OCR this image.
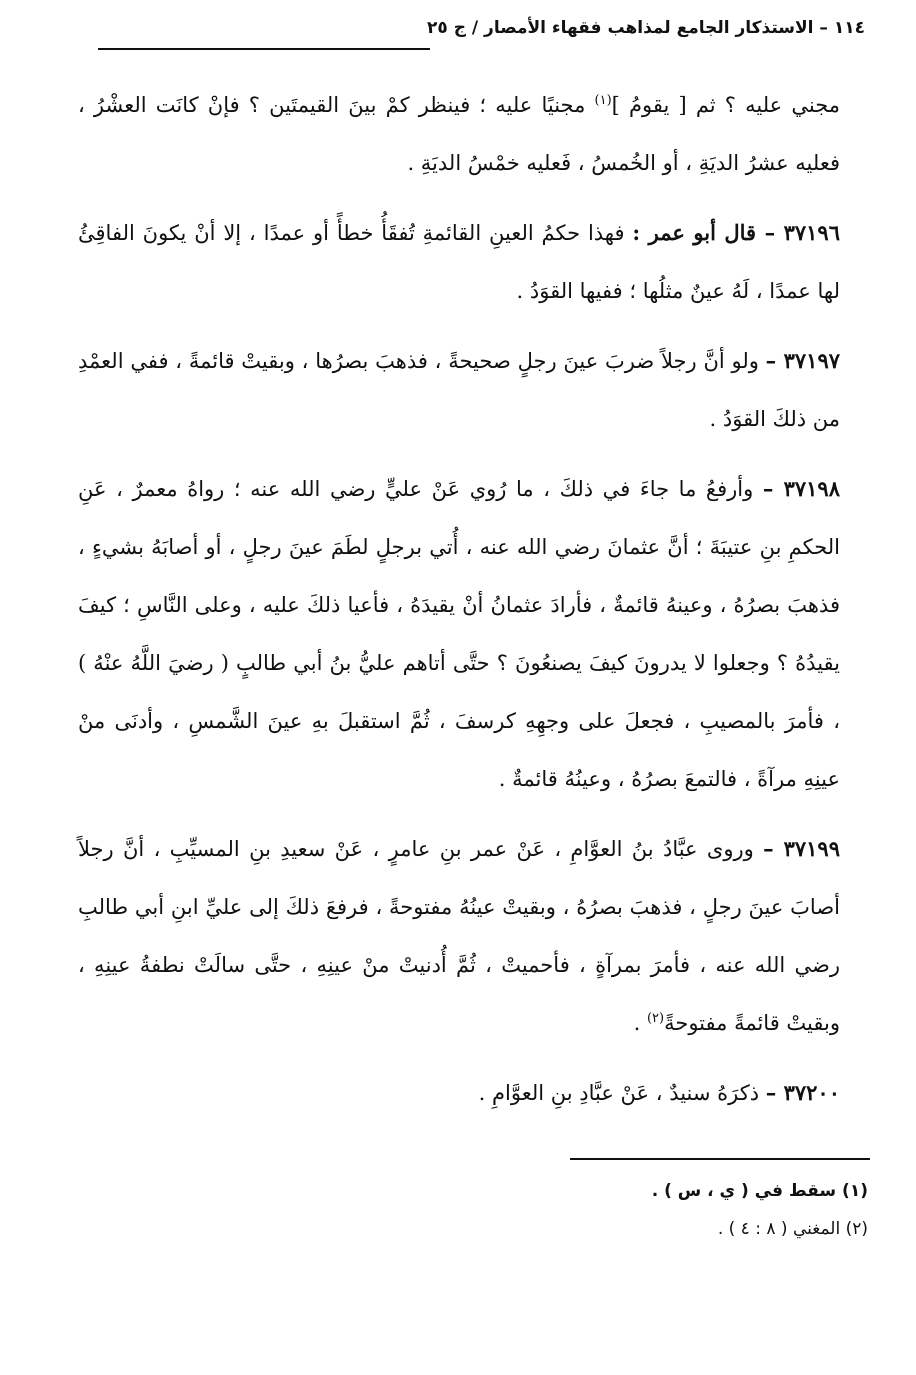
١١٤ – الاستذكار الجامع لمذاهب فقهاء الأمصار / ج ٢٥

مجني عليه ؟ ثم [ يقومُ ]$^{(١)}$ مجنيًا عليه ؛ فينظر كمْ بينَ القيمتَين ؟ فإنْ كانَت العشْرُ ، فعليه عشرُ الديَةِ ، أو الخُمسُ ، فَعليه خمْسُ الديَةِ .

٣٧١٩٦ – قال أبو عمر : فهذا حكمُ العينِ القائمةِ تُفقَأُ خطأً أو عمدًا ، إلا أنْ يكونَ الفاقِئُ لها عمدًا ، لَهُ عينٌ مثلُها ؛ ففيها القوَدُ .

٣٧١٩٧ – ولو أنَّ رجلاً ضربَ عينَ رجلٍ صحيحةً ، فذهبَ بصرُها ، وبقيتْ قائمةً ، ففي العمْدِ من ذلكَ القوَدُ .

٣٧١٩٨ – وأرفعُ ما جاءَ في ذلكَ ، ما رُوي عَنْ عليٍّ رضي الله عنه ؛ رواهُ معمرٌ ، عَنِ الحكمِ بنِ عتيبَةَ ؛ أنَّ عثمانَ رضي الله عنه ، أُتي برجلٍ لطَمَ عينَ رجلٍ ، أو أصابَهُ بشيءٍ ، فذهبَ بصرُهُ ، وعينهُ قائمةٌ ، فأرادَ عثمانُ أنْ يقيدَهُ ، فأعيا ذلكَ عليه ، وعلى النَّاسِ ؛ كيفَ يقيدُهُ ؟ وجعلوا لا يدرونَ كيفَ يصنعُونَ ؟ حتَّى أتاهم عليُّ بنُ أبي طالبٍ ( رضيَ اللَّهُ عنْهُ ) ، فأمرَ بالمصيبِ ، فجعلَ على وجهِهِ كرسفَ ، ثُمَّ استقبلَ بهِ عينَ الشَّمسِ ، وأدنَى منْ عينِهِ مرآةً ، فالتمعَ بصرُهُ ، وعينُهُ قائمةٌ .

٣٧١٩٩ – وروى عبَّادُ بنُ العوَّامِ ، عَنْ عمر بنِ عامرٍ ، عَنْ سعيدِ بنِ المسيِّبِ ، أنَّ رجلاً أصابَ عينَ رجلٍ ، فذهبَ بصرُهُ ، وبقيتْ عينُهُ مفتوحةً ، فرفعَ ذلكَ إلى عليِّ ابنِ أبي طالبِ رضي الله عنه ، فأمرَ بمرآةٍ ، فأحميتْ ، ثُمَّ أُدنيتْ منْ عينِهِ ، حتَّى سالَتْ نطفةُ عينِهِ ، وبقيتْ قائمةً مفتوحةً$^{(٢)}$ .

٣٧٢٠٠ – ذكرَهُ سنيدٌ ، عَنْ عبَّادِ بنِ العوَّامِ .

(١) سقط في ( ي ، س ) .
(٢) المغني ( ٨ : ٤ ) .
